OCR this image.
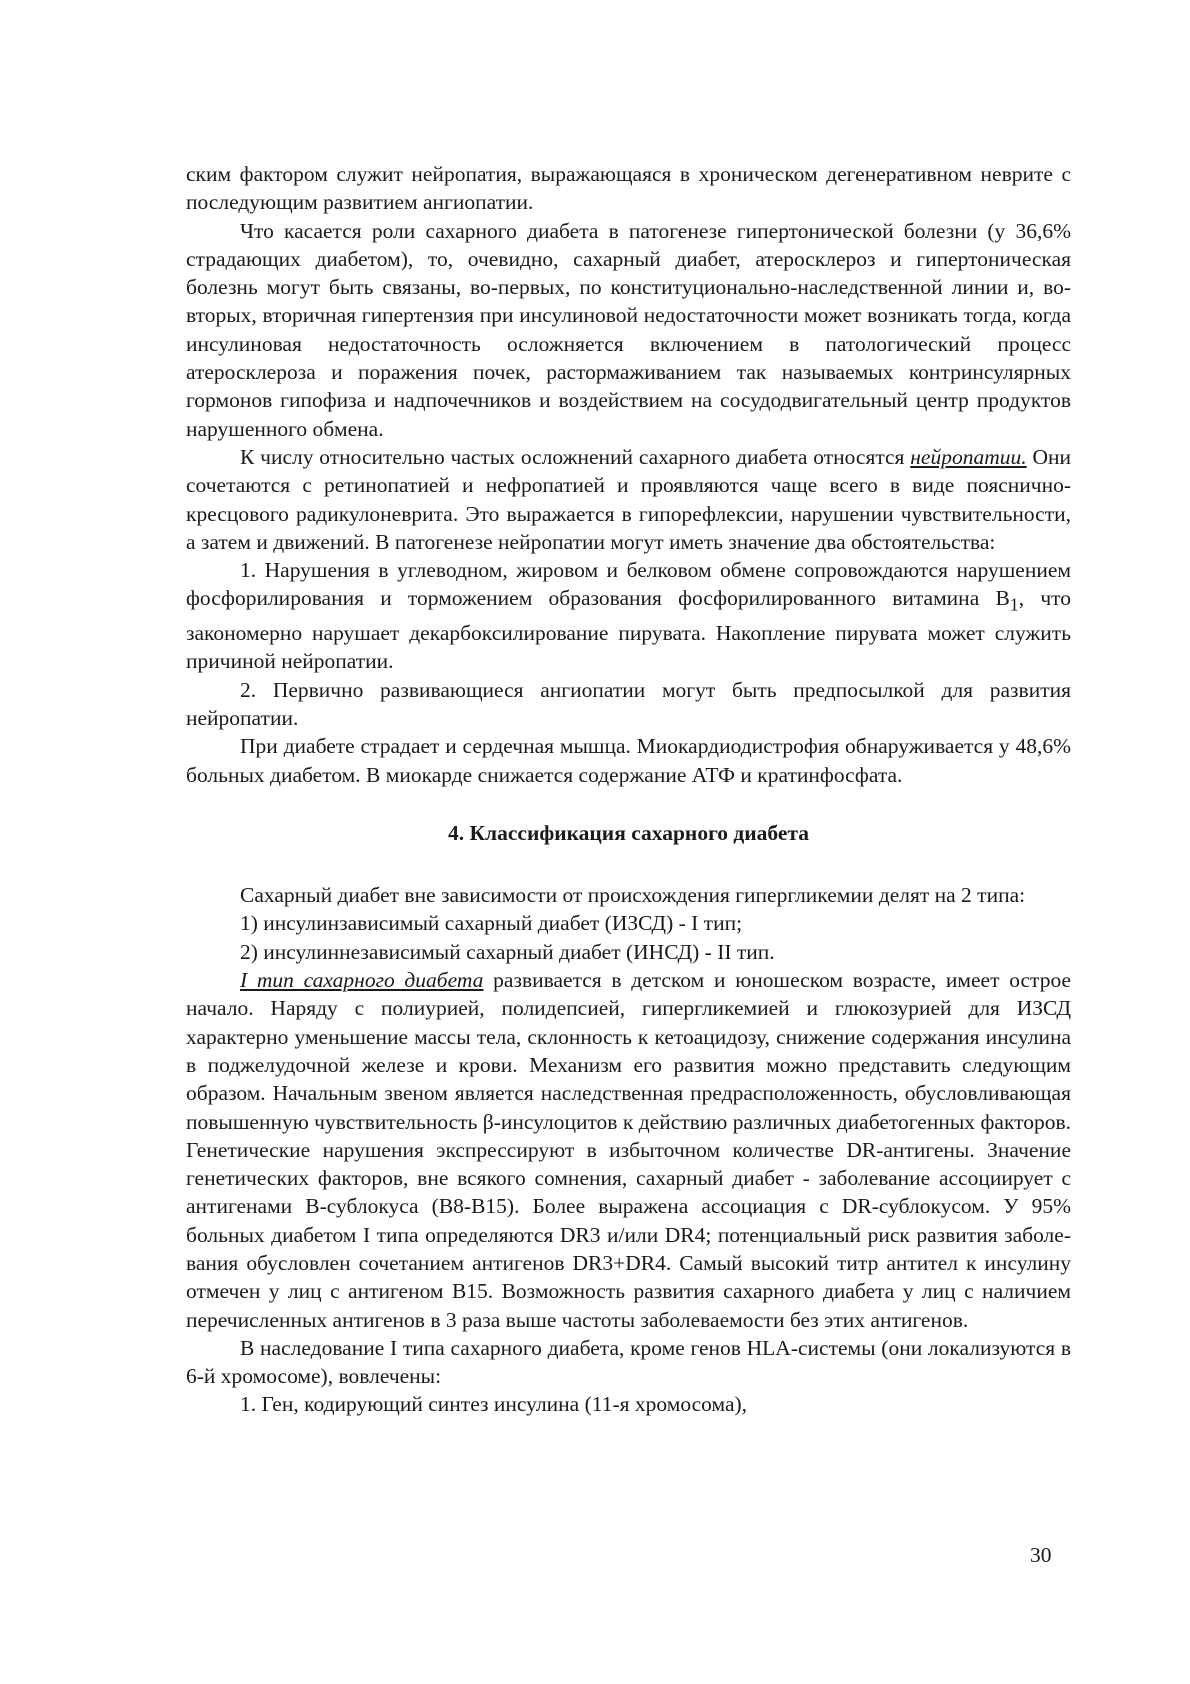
ским фактором служит нейропатия, выражающаяся в хроническом дегенеративном неврите с последующим развитием ангиопатии.

Что касается роли сахарного диабета в патогенезе гипертонической болезни (у 36,6% страдающих диабетом), то, очевидно, сахарный диабет, атеросклероз и гипертоническая болезнь могут быть связаны, во-первых, по конституционально-наследственной линии и, во-вторых, вторичная гипертензия при инсулиновой недостаточности может возникать тогда, когда инсулиновая недостаточность осложняется включением в патологический процесс атеросклероза и поражения почек, растормаживанием так называемых контринсулярных гормонов гипофиза и надпочечников и воздействием на сосудодвигательный центр продуктов нарушенного обмена.

К числу относительно частых осложнений сахарного диабета относятся нейропатии. Они сочетаются с ретинопатией и нефропатией и проявляются чаще всего в виде пояснично-кресцового радикулоневрита. Это выражается в гипорефлексии, нарушении чувствительности, а затем и движений. В патогенезе нейропатии могут иметь значение два обстоятельства:

1. Нарушения в углеводном, жировом и белковом обмене сопровождаются нарушением фосфорилирования и торможением образования фосфорилированного витамина $В_1$, что закономерно нарушает декарбоксилирование пирувата. Накопление пирувата может служить причиной нейропатии.

2. Первично развивающиеся ангиопатии могут быть предпосылкой для развития нейропатии.

При диабете страдает и сердечная мышца. Миокардиодистрофия обнаруживается у 48,6% больных диабетом. В миокарде снижается содержание АТФ и кратинфосфата.

4. Классификация сахарного диабета

Сахарный диабет вне зависимости от происхождения гипергликемии делят на 2 типа:

1) инсулинзависимый сахарный диабет (ИЗСД) - I тип;

2) инсулиннезависимый сахарный диабет (ИНСД) - II тип.

I тип сахарного диабета развивается в детском и юношеском возрасте, имеет острое начало. Наряду с полиурией, полидепсией, гипергликемией и глюкозурией для ИЗСД характерно уменьшение массы тела, склонность к кетоацидозу, снижение содержания инсулина в поджелудочной железе и крови. Механизм его развития можно представить следующим образом. Начальным звеном является наследственная предрасположенность, обусловливающая повышенную чувствительность β-инсулоцитов к действию различных диабетогенных факторов. Генетические нарушения экспрессируют в избыточном количестве DR-антигены. Значение генетических факторов, вне всякого сомнения, сахарный диабет - заболевание ассоциирует с антигенами В-сублокуса (В8-В15). Более выражена ассоциация с DR-сублокусом. У 95% больных диабетом I типа определяются DR3 и/или DR4; потенциальный риск развития заболевания обусловлен сочетанием антигенов DR3+DR4. Самый высокий титр антител к инсулину отмечен у лиц с антигеном В15. Возможность развития сахарного диабета у лиц с наличием перечисленных антигенов в 3 раза выше частоты заболеваемости без этих антигенов.

В наследование I типа сахарного диабета, кроме генов HLA-системы (они локализуются в 6-й хромосоме), вовлечены:

1. Ген, кодирующий синтез инсулина (11-я хромосома),

30
